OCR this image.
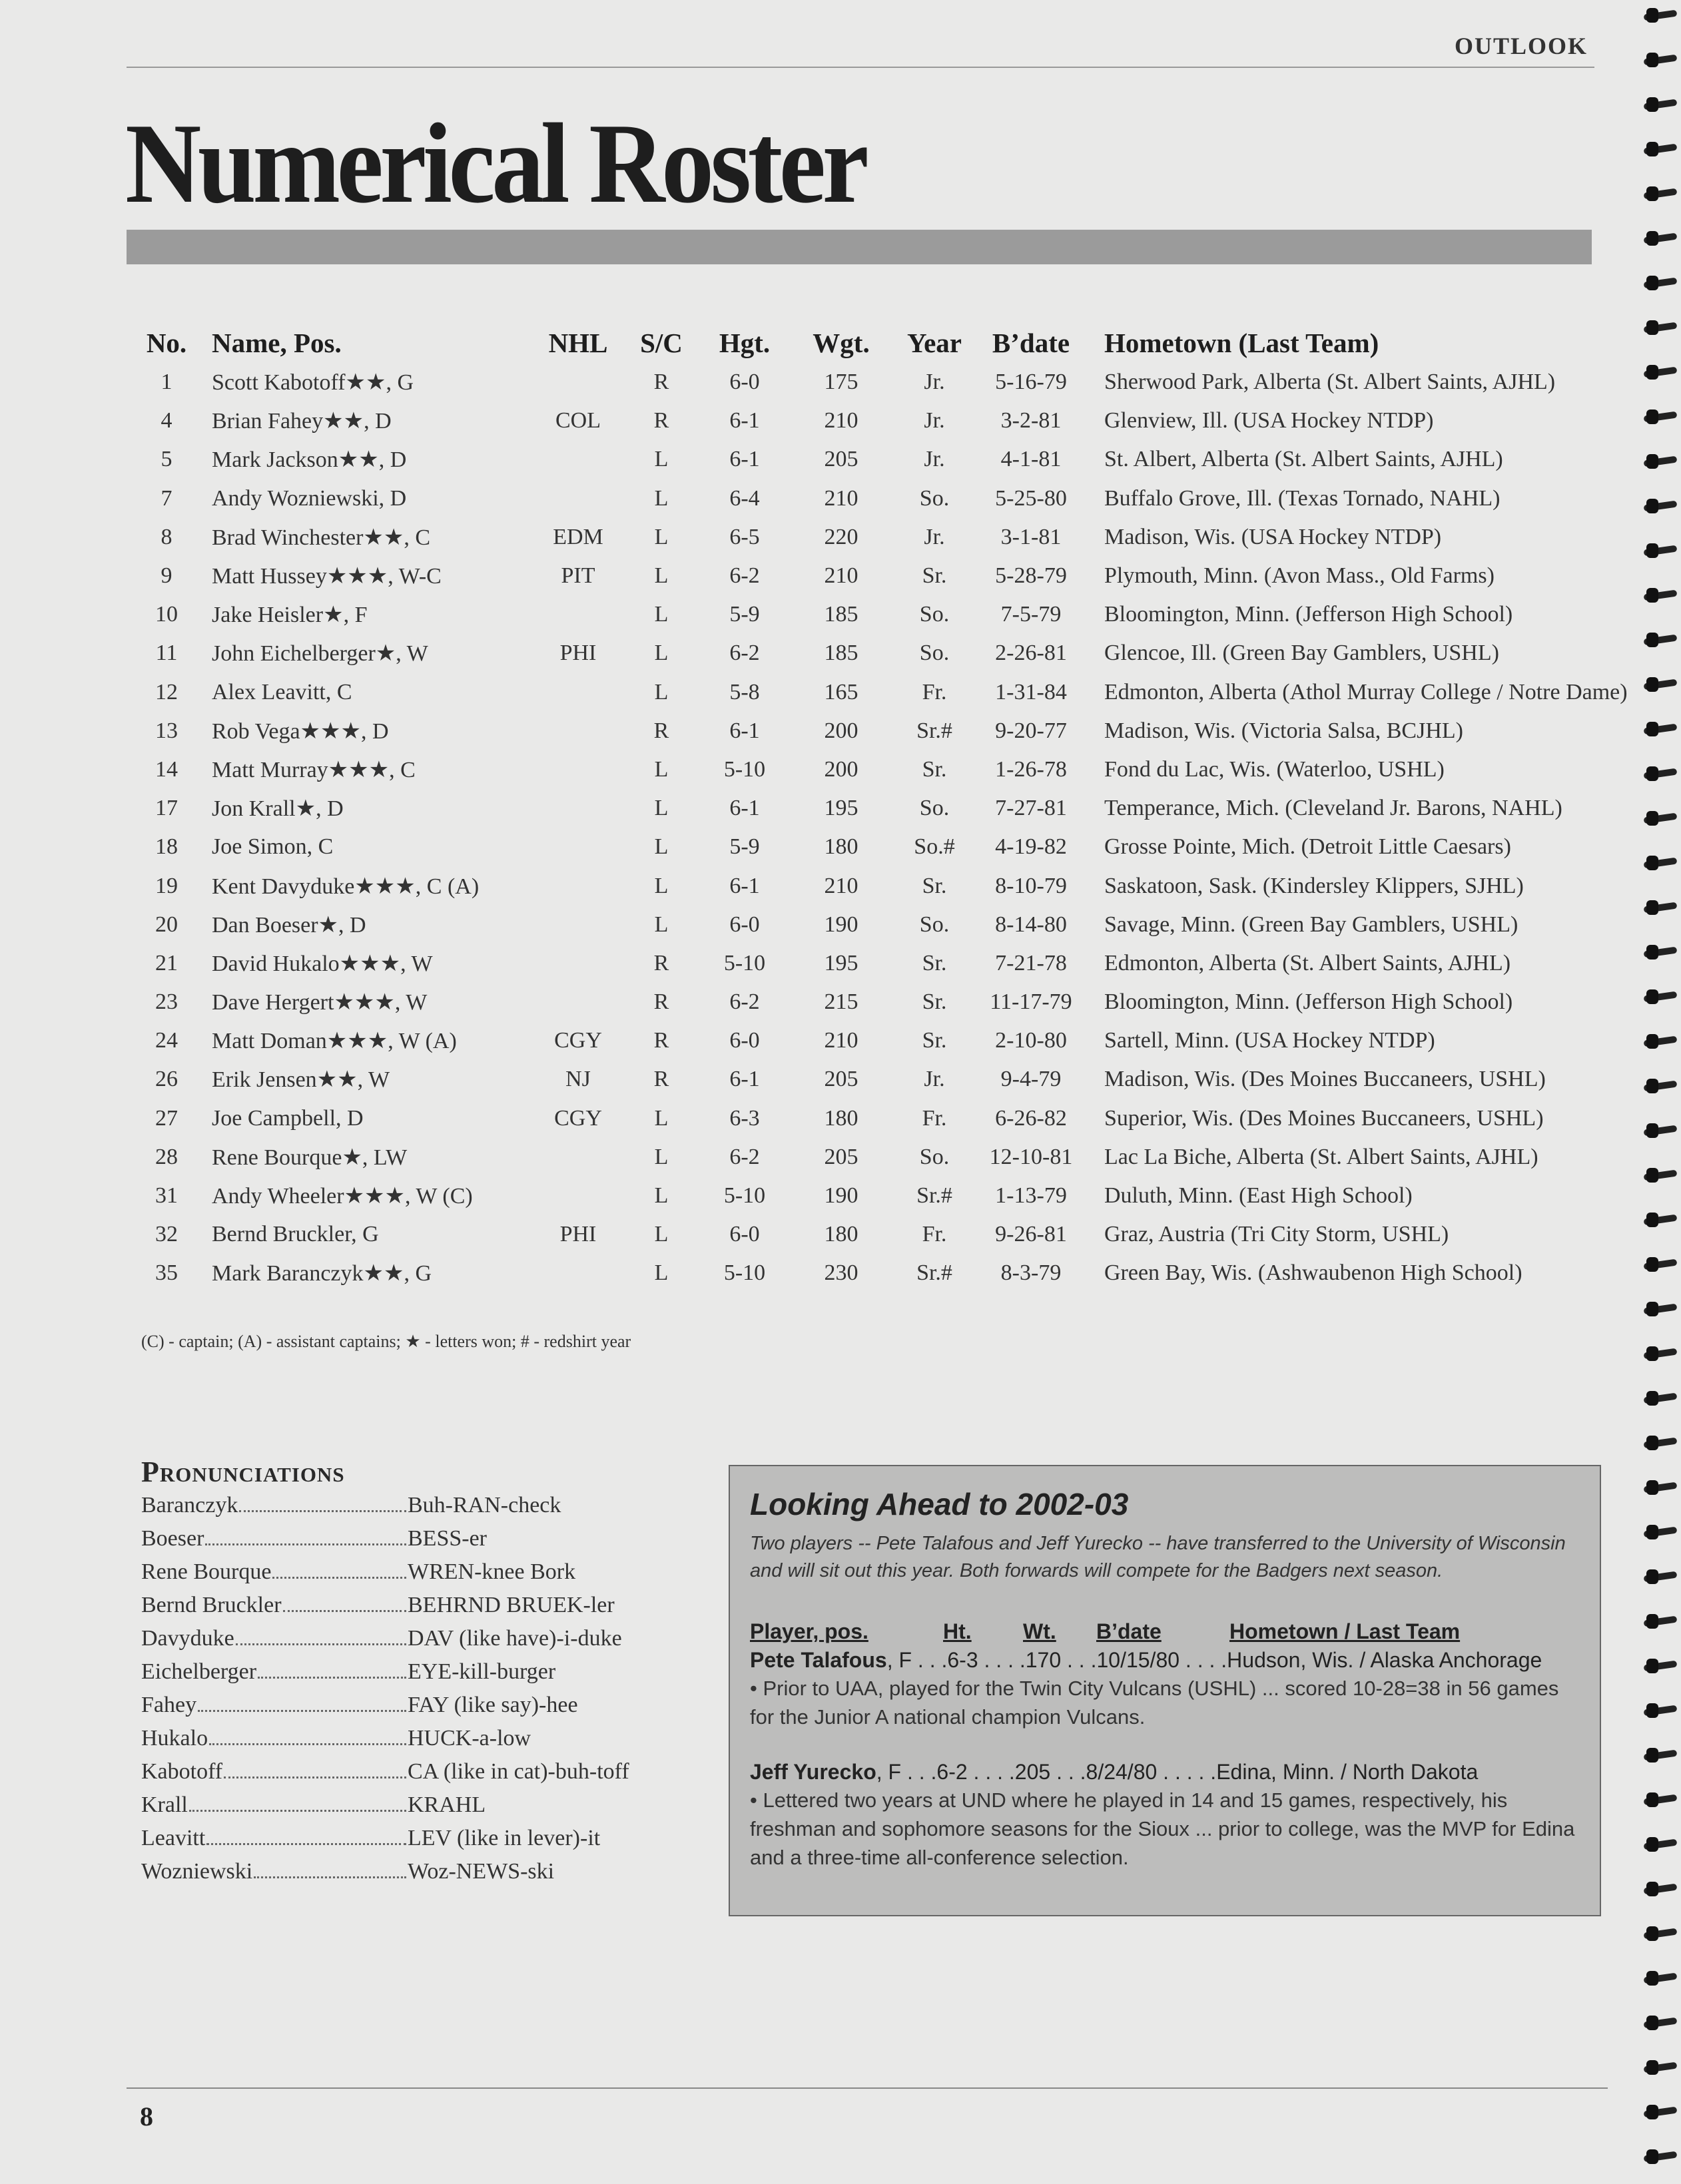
OUTLOOK
Numerical Roster
No.	Name, Pos.	NHL	S/C	Hgt.	Wgt.	Year	B’date	Hometown (Last Team)
1	Scott Kabotoff★★, G		R	6-0	175	Jr.	5-16-79	Sherwood Park, Alberta (St. Albert Saints, AJHL)
4	Brian Fahey★★, D	COL	R	6-1	210	Jr.	3-2-81	Glenview, Ill. (USA Hockey NTDP)
5	Mark Jackson★★, D		L	6-1	205	Jr.	4-1-81	St. Albert, Alberta (St. Albert Saints, AJHL)
7	Andy Wozniewski, D		L	6-4	210	So.	5-25-80	Buffalo Grove, Ill. (Texas Tornado, NAHL)
8	Brad Winchester★★, C	EDM	L	6-5	220	Jr.	3-1-81	Madison, Wis. (USA Hockey NTDP)
9	Matt Hussey★★★, W-C	PIT	L	6-2	210	Sr.	5-28-79	Plymouth, Minn. (Avon Mass., Old Farms)
10	Jake Heisler★, F		L	5-9	185	So.	7-5-79	Bloomington, Minn. (Jefferson High School)
11	John Eichelberger★, W	PHI	L	6-2	185	So.	2-26-81	Glencoe, Ill. (Green Bay Gamblers, USHL)
12	Alex Leavitt, C		L	5-8	165	Fr.	1-31-84	Edmonton, Alberta (Athol Murray College / Notre Dame)
13	Rob Vega★★★, D		R	6-1	200	Sr.#	9-20-77	Madison, Wis. (Victoria Salsa, BCJHL)
14	Matt Murray★★★, C		L	5-10	200	Sr.	1-26-78	Fond du Lac, Wis. (Waterloo, USHL)
17	Jon Krall★, D		L	6-1	195	So.	7-27-81	Temperance, Mich. (Cleveland Jr. Barons, NAHL)
18	Joe Simon, C		L	5-9	180	So.#	4-19-82	Grosse Pointe, Mich. (Detroit Little Caesars)
19	Kent Davyduke★★★, C (A)		L	6-1	210	Sr.	8-10-79	Saskatoon, Sask. (Kindersley Klippers, SJHL)
20	Dan Boeser★, D		L	6-0	190	So.	8-14-80	Savage, Minn. (Green Bay Gamblers, USHL)
21	David Hukalo★★★, W		R	5-10	195	Sr.	7-21-78	Edmonton, Alberta (St. Albert Saints, AJHL)
23	Dave Hergert★★★, W		R	6-2	215	Sr.	11-17-79	Bloomington, Minn. (Jefferson High School)
24	Matt Doman★★★, W (A)	CGY	R	6-0	210	Sr.	2-10-80	Sartell, Minn. (USA Hockey NTDP)
26	Erik Jensen★★, W	NJ	R	6-1	205	Jr.	9-4-79	Madison, Wis. (Des Moines Buccaneers, USHL)
27	Joe Campbell, D	CGY	L	6-3	180	Fr.	6-26-82	Superior, Wis. (Des Moines Buccaneers, USHL)
28	Rene Bourque★, LW		L	6-2	205	So.	12-10-81	Lac La Biche, Alberta (St. Albert Saints, AJHL)
31	Andy Wheeler★★★, W (C)		L	5-10	190	Sr.#	1-13-79	Duluth, Minn. (East High School)
32	Bernd Bruckler, G	PHI	L	6-0	180	Fr.	9-26-81	Graz, Austria (Tri City Storm, USHL)
35	Mark Baranczyk★★, G		L	5-10	230	Sr.#	8-3-79	Green Bay, Wis. (Ashwaubenon High School)
(C) - captain; (A) - assistant captains; ★ - letters won; # - redshirt year
Pronunciations
Baranczyk	Buh-RAN-check
Boeser	BESS-er
Rene Bourque	WREN-knee Bork
Bernd Bruckler	BEHRND BRUEK-ler
Davyduke	DAV (like have)-i-duke
Eichelberger	EYE-kill-burger
Fahey	FAY (like say)-hee
Hukalo	HUCK-a-low
Kabotoff	CA (like in cat)-buh-toff
Krall	KRAHL
Leavitt	LEV (like in lever)-it
Wozniewski	Woz-NEWS-ski
Looking Ahead to 2002-03

Two players -- Pete Talafous and Jeff Yurecko -- have transferred to the University of Wisconsin and will sit out this year. Both forwards will compete for the Badgers next season.

Player, pos.	Ht.	Wt.	B’date	Hometown / Last Team
Pete Talafous, F . . .6-3 . . . .170 . . .10/15/80 . . . .Hudson, Wis. / Alaska Anchorage
• Prior to UAA, played for the Twin City Vulcans (USHL) ... scored 10-28=38 in 56 games for the Junior A national champion Vulcans.
Jeff Yurecko, F . . .6-2 . . . .205 . . .8/24/80 . . . . .Edina, Minn. / North Dakota
• Lettered two years at UND where he played in 14 and 15 games, respectively, his freshman and sophomore seasons for the Sioux ... prior to college, was the MVP for Edina and a three-time all-conference selection.
8
